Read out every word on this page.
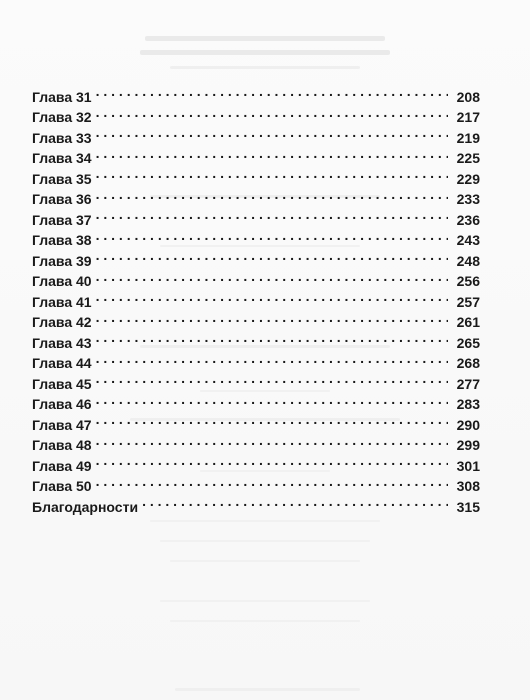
Глава 31 . . .	208
Глава 32 . . .	217
Глава 33 . . .	219
Глава 34 . . .	225
Глава 35 . . .	229
Глава 36 . . .	233
Глава 37 . . .	236
Глава 38 . . .	243
Глава 39 . . .	248
Глава 40 . . .	256
Глава 41 . . .	257
Глава 42 . . .	261
Глава 43 . . .	265
Глава 44 . . .	268
Глава 45 . . .	277
Глава 46 . . .	283
Глава 47 . . .	290
Глава 48 . . .	299
Глава 49 . . .	301
Глава 50 . . .	308
Благодарности . . .	315
